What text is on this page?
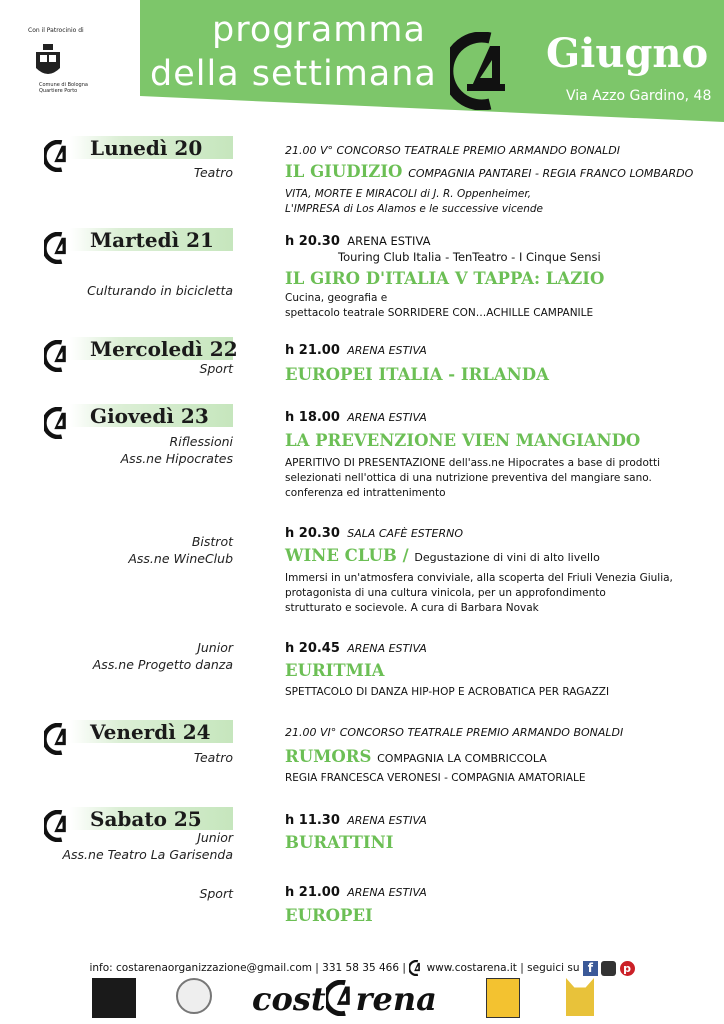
Con il Patrocinio di
Comune di Bologna
Quartiere Porto
programma
della settimana	Giugno
Via Azzo Gardino, 48
Lunedì 20
Teatro
21.00 V° CONCORSO TEATRALE PREMIO ARMANDO BONALDI
IL GIUDIZIO COMPAGNIA PANTAREI - REGIA FRANCO LOMBARDO
VITA, MORTE E MIRACOLI di J. R. Oppenheimer,
L'IMPRESA di Los Alamos e le successive vicende
Martedì 21
Culturando in bicicletta
h 20.30 ARENA ESTIVA
Touring Club Italia - TenTeatro - I Cinque Sensi
IL GIRO D'ITALIA V TAPPA: LAZIO
Cucina, geografia e
spettacolo teatrale SORRIDERE CON…ACHILLE CAMPANILE
Mercoledì 22
Sport
h 21.00 ARENA ESTIVA
EUROPEI ITALIA - IRLANDA
Giovedì 23
Riflessioni
Ass.ne Hipocrates
h 18.00 ARENA ESTIVA
LA PREVENZIONE VIEN MANGIANDO
APERITIVO DI PRESENTAZIONE dell'ass.ne Hipocrates a base di prodotti
selezionati nell'ottica di una nutrizione preventiva del mangiare sano.
conferenza ed intrattenimento
Bistrot
Ass.ne WineClub
h 20.30 SALA CAFÈ ESTERNO
WINE CLUB / Degustazione di vini di alto livello
Immersi in un'atmosfera conviviale, alla scoperta del Friuli Venezia Giulia,
protagonista di una cultura vinicola, per un approfondimento
strutturato e socievole. A cura di Barbara Novak
Junior
Ass.ne Progetto danza
h 20.45 ARENA ESTIVA
EURITMIA
SPETTACOLO DI DANZA HIP-HOP E ACROBATICA PER RAGAZZI
Venerdì 24
Teatro
21.00 VI° CONCORSO TEATRALE PREMIO ARMANDO BONALDI
RUMORS COMPAGNIA LA COMBRICCOLA
REGIA FRANCESCA VERONESI - COMPAGNIA AMATORIALE
Sabato 25
Junior
Ass.ne Teatro La Garisenda
h 11.30 ARENA ESTIVA
BURATTINI
Sport	h 21.00 ARENA ESTIVA
EUROPEI
info: costarenaorganizzazione@gmail.com | 331 58 35 466 | www.costarena.it | seguici su f	p
cost rena
